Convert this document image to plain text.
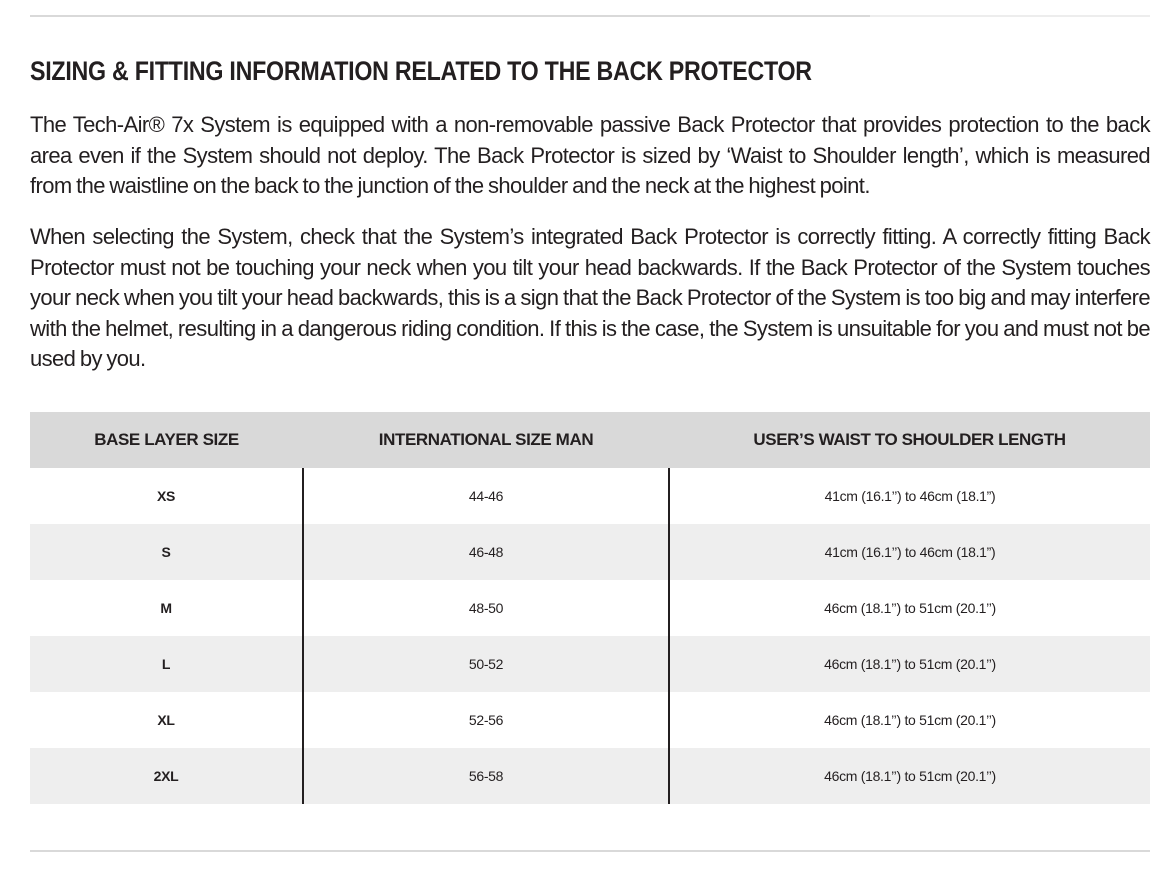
SIZING & FITTING INFORMATION RELATED TO THE BACK PROTECTOR

The Tech-Air® 7x System is equipped with a non-removable passive Back Protector that provides protection to the back area even if the System should not deploy. The Back Protector is sized by ‘Waist to Shoulder length’, which is measured from the waistline on the back to the junction of the shoulder and the neck at the highest point.

When selecting the System, check that the System’s integrated Back Protector is correctly fitting. A correctly fitting Back Protector must not be touching your neck when you tilt your head backwards. If the Back Protector of the System touches your neck when you tilt your head backwards, this is a sign that the Back Protector of the System is too big and may interfere with the helmet, resulting in a dangerous riding condition. If this is the case, the System is unsuitable for you and must not be used by you.

BASE LAYER SIZE	INTERNATIONAL SIZE MAN	USER’S WAIST TO SHOULDER LENGTH
XS	44-46	41cm (16.1’’) to 46cm (18.1”)
S	46-48	41cm (16.1’’) to 46cm (18.1”)
M	48-50	46cm (18.1’’) to 51cm (20.1’’)
L	50-52	46cm (18.1’’) to 51cm (20.1’’)
XL	52-56	46cm (18.1’’) to 51cm (20.1’’)
2XL	56-58	46cm (18.1’’) to 51cm (20.1’’)
